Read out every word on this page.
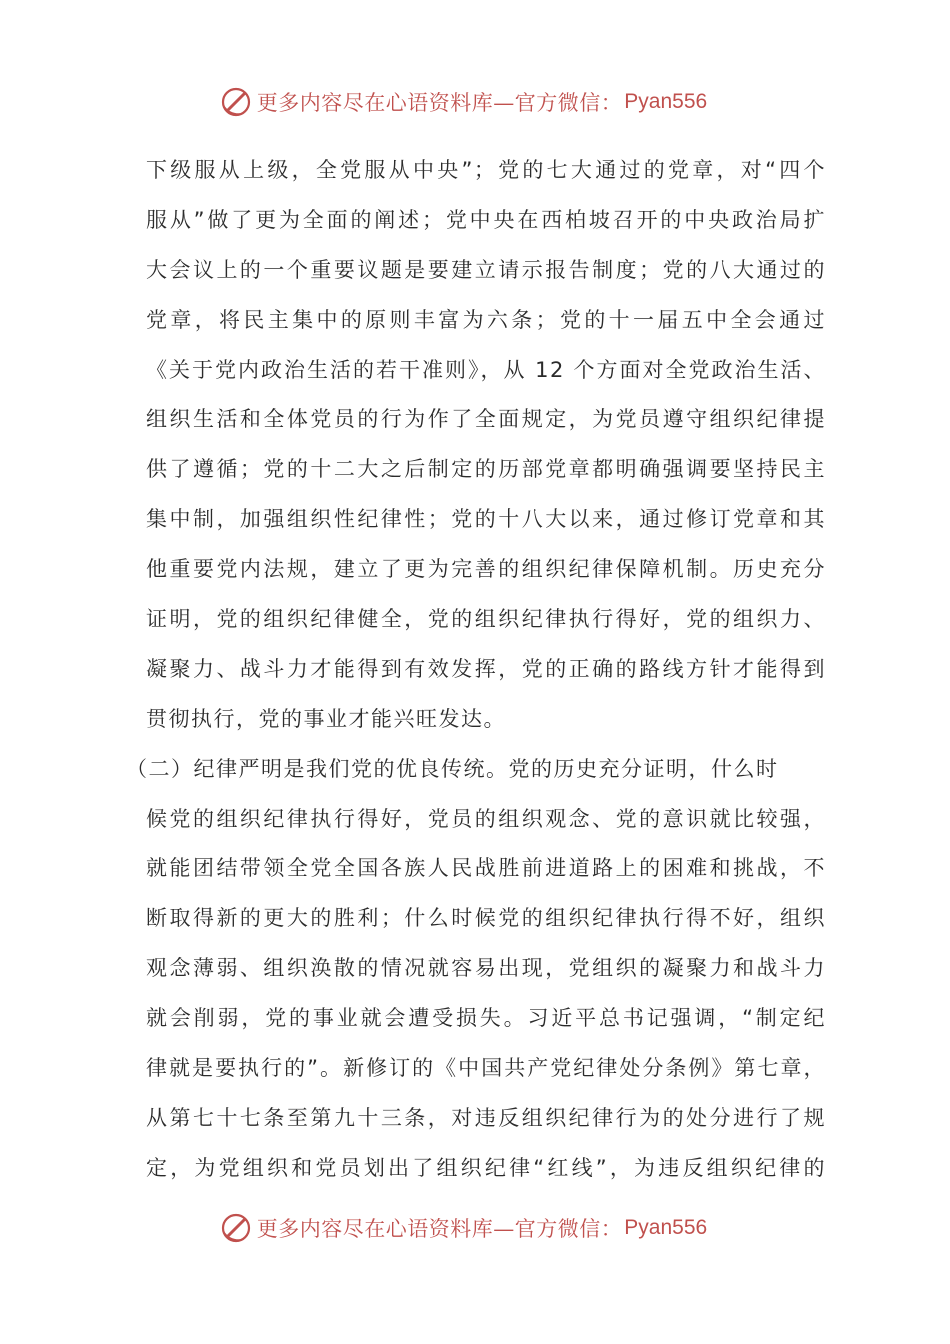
更多内容尽在心语资料库—官方微信： Pyan556
下级服从上级，全党服从中央”；党的七大通过的党章，对“四个
服从”做了更为全面的阐述；党中央在西柏坡召开的中央政治局扩
大会议上的一个重要议题是要建立请示报告制度；党的八大通过的
党章，将民主集中的原则丰富为六条；党的十一届五中全会通过
《关于党内政治生活的若干准则》，从 12 个方面对全党政治生活、
组织生活和全体党员的行为作了全面规定，为党员遵守组织纪律提
供了遵循；党的十二大之后制定的历部党章都明确强调要坚持民主
集中制，加强组织性纪律性；党的十八大以来，通过修订党章和其
他重要党内法规，建立了更为完善的组织纪律保障机制。历史充分
证明，党的组织纪律健全，党的组织纪律执行得好，党的组织力、
凝聚力、战斗力才能得到有效发挥，党的正确的路线方针才能得到
贯彻执行，党的事业才能兴旺发达。
（二）纪律严明是我们党的优良传统。党的历史充分证明，什么时
候党的组织纪律执行得好，党员的组织观念、党的意识就比较强，
就能团结带领全党全国各族人民战胜前进道路上的困难和挑战，不
断取得新的更大的胜利；什么时候党的组织纪律执行得不好，组织
观念薄弱、组织涣散的情况就容易出现，党组织的凝聚力和战斗力
就会削弱，党的事业就会遭受损失。习近平总书记强调，“制定纪
律就是要执行的”。新修订的《中国共产党纪律处分条例》第七章，
从第七十七条至第九十三条，对违反组织纪律行为的处分进行了规
定，为党组织和党员划出了组织纪律“红线”，为违反组织纪律的
更多内容尽在心语资料库—官方微信： Pyan556
